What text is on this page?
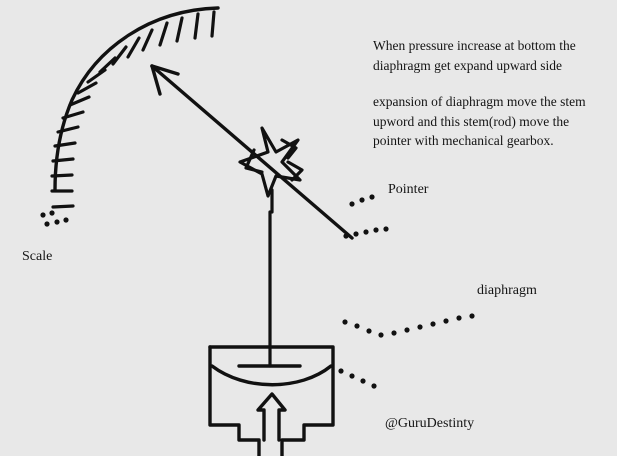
When pressure increase at bottom the diaphragm get expand upward side
expansion of diaphragm move the stem upword and this stem(rod) move the pointer with mechanical gearbox.
Scale
Pointer
diaphragm
@GuruDestinty
